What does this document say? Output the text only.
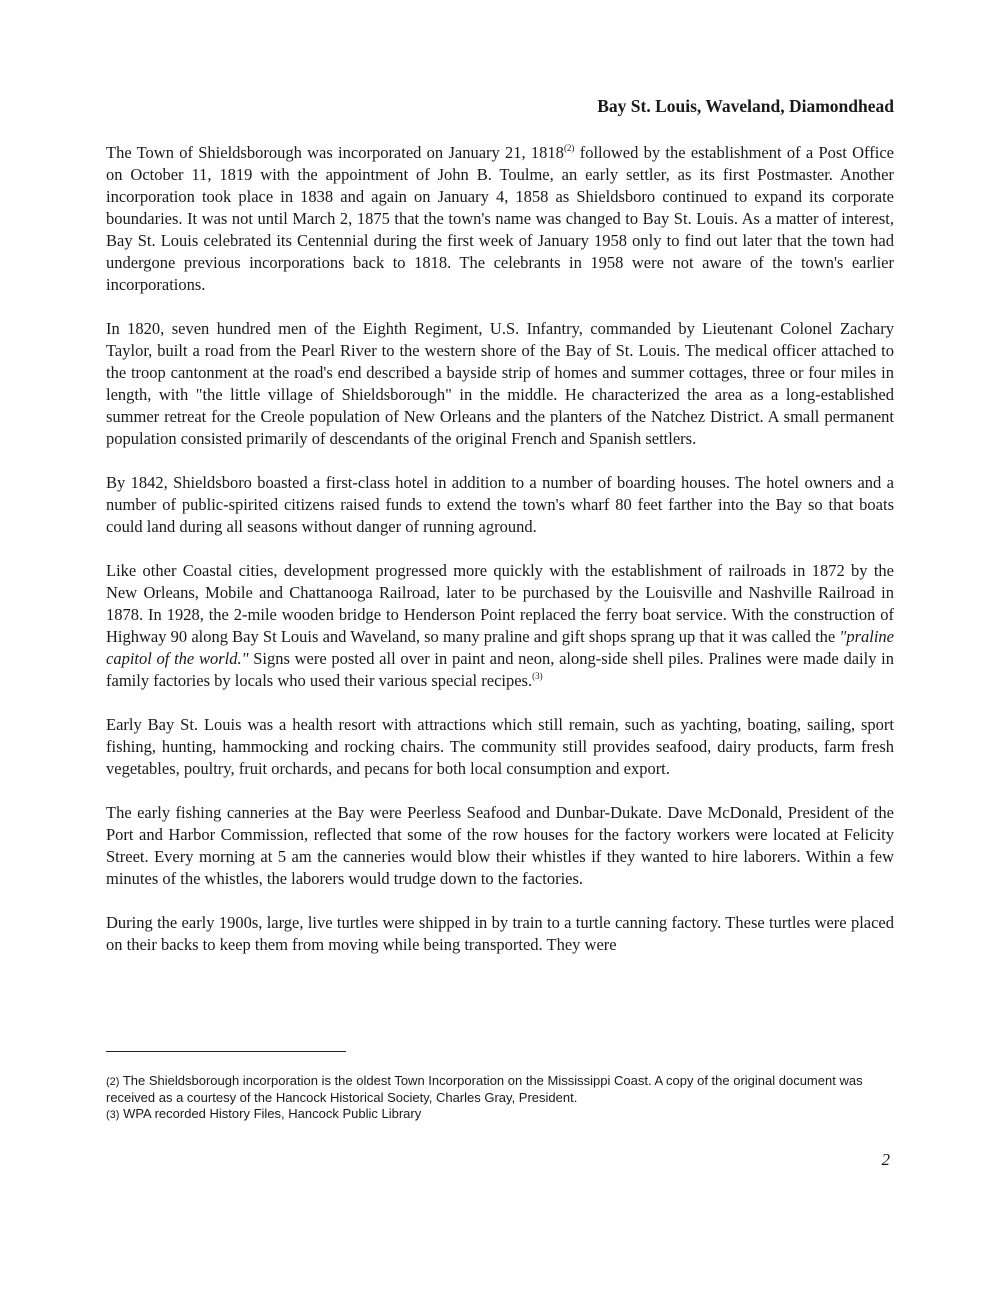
Bay St. Louis, Waveland, Diamondhead

The Town of Shieldsborough was incorporated on January 21, 1818$^{(2)}$ followed by the establishment of a Post Office on October 11, 1819 with the appointment of John B. Toulme, an early settler, as its first Postmaster. Another incorporation took place in 1838 and again on January 4, 1858 as Shieldsboro continued to expand its corporate boundaries. It was not until March 2, 1875 that the town's name was changed to Bay St. Louis. As a matter of interest, Bay St. Louis celebrated its Centennial during the first week of January 1958 only to find out later that the town had undergone previous incorporations back to 1818. The celebrants in 1958 were not aware of the town's earlier incorporations.

In 1820, seven hundred men of the Eighth Regiment, U.S. Infantry, commanded by Lieutenant Colonel Zachary Taylor, built a road from the Pearl River to the western shore of the Bay of St. Louis. The medical officer attached to the troop cantonment at the road's end described a bayside strip of homes and summer cottages, three or four miles in length, with "the little village of Shieldsborough" in the middle. He characterized the area as a long-established summer retreat for the Creole population of New Orleans and the planters of the Natchez District. A small permanent population consisted primarily of descendants of the original French and Spanish settlers.

By 1842, Shieldsboro boasted a first-class hotel in addition to a number of boarding houses. The hotel owners and a number of public-spirited citizens raised funds to extend the town's wharf 80 feet farther into the Bay so that boats could land during all seasons without danger of running aground.

Like other Coastal cities, development progressed more quickly with the establishment of railroads in 1872 by the New Orleans, Mobile and Chattanooga Railroad, later to be purchased by the Louisville and Nashville Railroad in 1878. In 1928, the 2-mile wooden bridge to Henderson Point replaced the ferry boat service. With the construction of Highway 90 along Bay St Louis and Waveland, so many praline and gift shops sprang up that it was called the "praline capitol of the world." Signs were posted all over in paint and neon, along-side shell piles. Pralines were made daily in family factories by locals who used their various special recipes.$^{(3)}$

Early Bay St. Louis was a health resort with attractions which still remain, such as yachting, boating, sailing, sport fishing, hunting, hammocking and rocking chairs. The community still provides seafood, dairy products, farm fresh vegetables, poultry, fruit orchards, and pecans for both local consumption and export.

The early fishing canneries at the Bay were Peerless Seafood and Dunbar-Dukate. Dave McDonald, President of the Port and Harbor Commission, reflected that some of the row houses for the factory workers were located at Felicity Street. Every morning at 5 am the canneries would blow their whistles if they wanted to hire laborers. Within a few minutes of the whistles, the laborers would trudge down to the factories.

During the early 1900s, large, live turtles were shipped in by train to a turtle canning factory. These turtles were placed on their backs to keep them from moving while being transported. They were

(2) The Shieldsborough incorporation is the oldest Town Incorporation on the Mississippi Coast. A copy of the original document was received as a courtesy of the Hancock Historical Society, Charles Gray, President.
(3) WPA recorded History Files, Hancock Public Library
2
